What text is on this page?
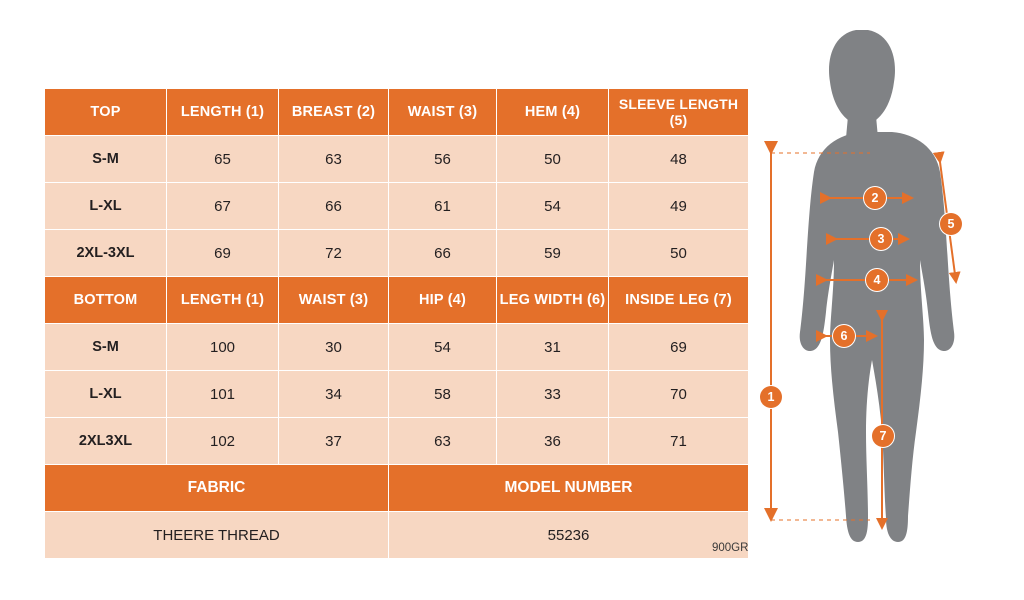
TOP	LENGTH (1)	BREAST (2)	WAIST (3)	HEM (4)	SLEEVE LENGTH (5)
S-M	65	63	56	50	48
L-XL	67	66	61	54	49
2XL-3XL	69	72	66	59	50
BOTTOM	LENGTH (1)	WAIST (3)	HIP (4)	LEG WIDTH (6)	INSIDE LEG (7)
S-M	100	30	54	31	69
L-XL	101	34	58	33	70
2XL3XL	102	37	63	36	71
FABRIC			MODEL NUMBER		
THEERE THREAD			55236		
900GR
1
2
3
4
5
6
7
